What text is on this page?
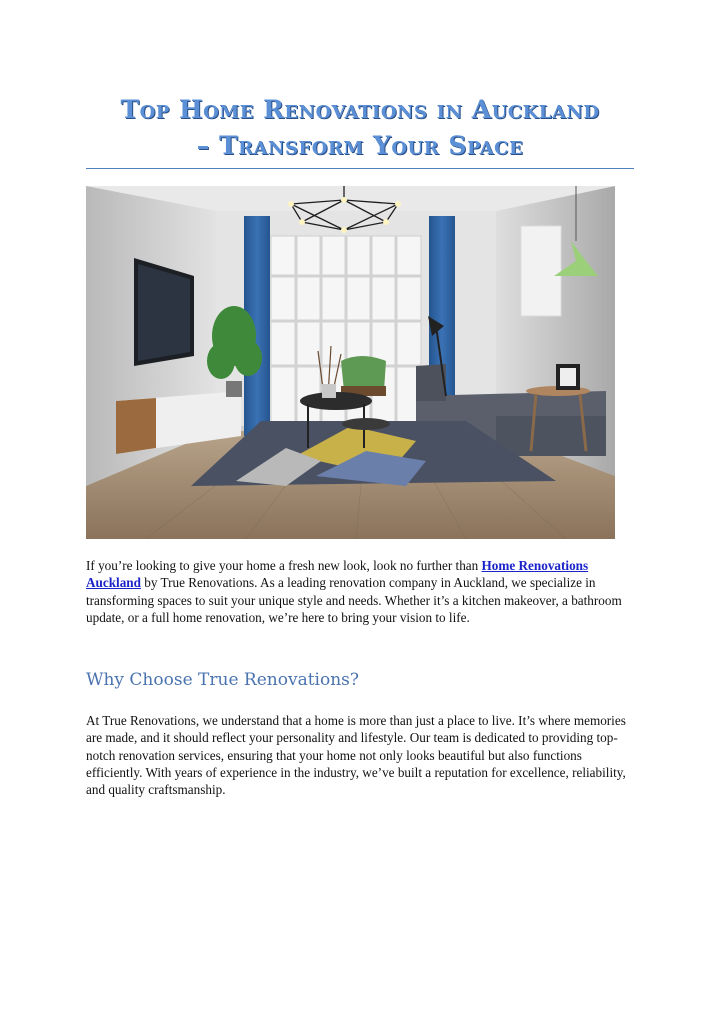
Top Home Renovations in Auckland
– Transform Your Space

If you’re looking to give your home a fresh new look, look no further than Home Renovations Auckland by True Renovations. As a leading renovation company in Auckland, we specialize in transforming spaces to suit your unique style and needs. Whether it’s a kitchen makeover, a bathroom update, or a full home renovation, we’re here to bring your vision to life.

Why Choose True Renovations?

At True Renovations, we understand that a home is more than just a place to live. It’s where memories are made, and it should reflect your personality and lifestyle. Our team is dedicated to providing top-notch renovation services, ensuring that your home not only looks beautiful but also functions efficiently. With years of experience in the industry, we’ve built a reputation for excellence, reliability, and quality craftsmanship.
